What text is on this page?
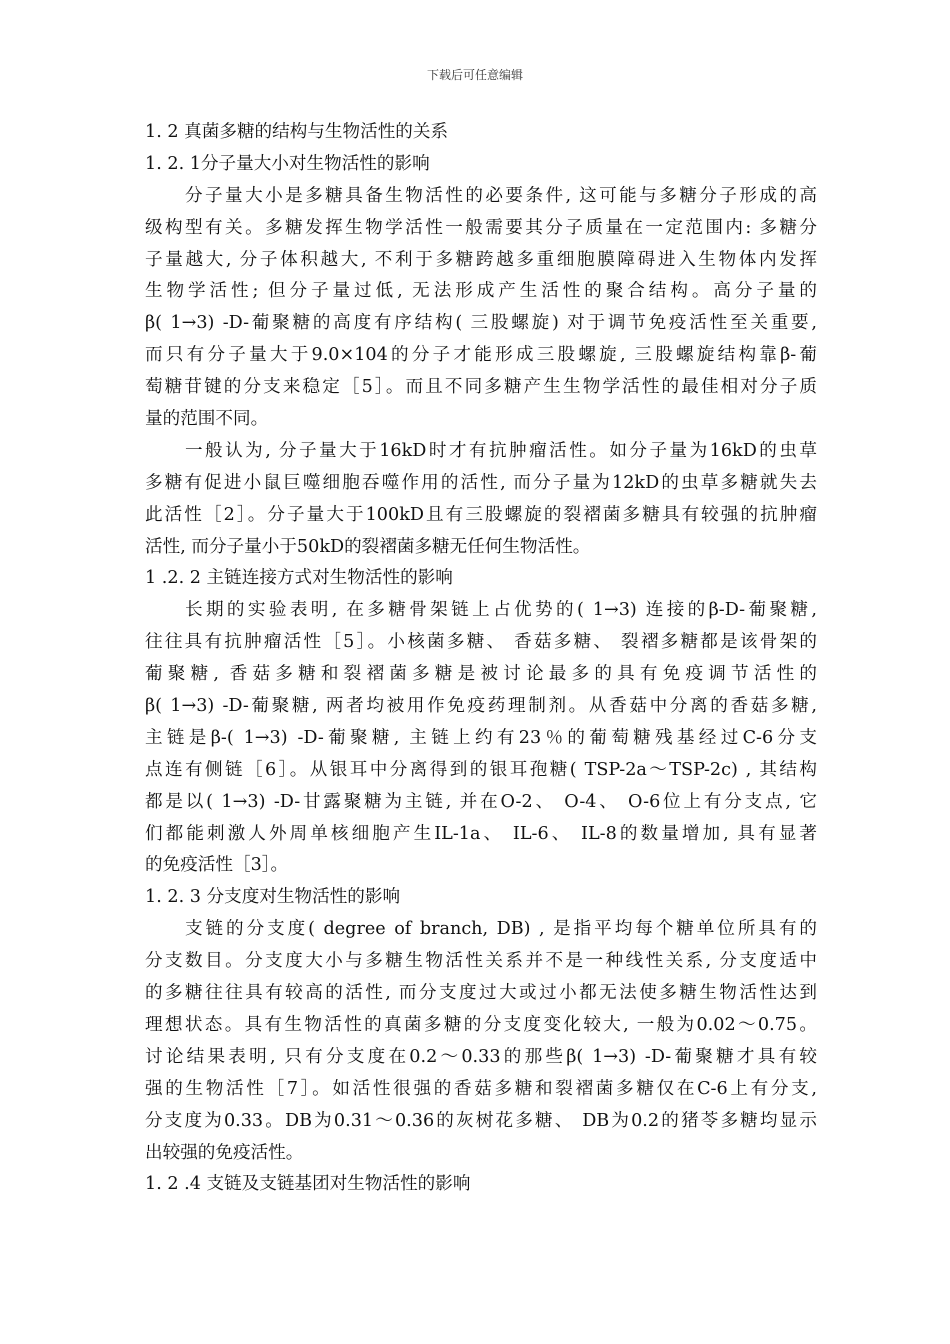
下载后可任意编辑
1. 2 真菌多糖的结构与生物活性的关系
1. 2. 1分子量大小对生物活性的影响
分子量大小是多糖具备生物活性的必要条件, 这可能与多糖分子形成的高
级构型有关。多糖发挥生物学活性一般需要其分子质量在一定范围内: 多糖分
子量越大, 分子体积越大, 不利于多糖跨越多重细胞膜障碍进入生物体内发挥
生物学活性; 但分子量过低, 无法形成产生活性的聚合结构。高分子量的
β( 1→3) -D-葡聚糖的高度有序结构( 三股螺旋) 对于调节免疫活性至关重要,
而只有分子量大于9.0×104的分子才能形成三股螺旋, 三股螺旋结构靠β-葡
萄糖苷键的分支来稳定［5］。而且不同多糖产生生物学活性的最佳相对分子质
量的范围不同。
一般认为, 分子量大于16kD时才有抗肿瘤活性。如分子量为16kD的虫草
多糖有促进小鼠巨噬细胞吞噬作用的活性, 而分子量为12kD的虫草多糖就失去
此活性［2］。分子量大于100kD且有三股螺旋的裂褶菌多糖具有较强的抗肿瘤
活性, 而分子量小于50kD的裂褶菌多糖无任何生物活性。
1 .2. 2 主链连接方式对生物活性的影响
长期的实验表明, 在多糖骨架链上占优势的( 1→3) 连接的β-D-葡聚糖,
往往具有抗肿瘤活性［5］。小核菌多糖、 香菇多糖、 裂褶多糖都是该骨架的
葡聚糖, 香菇多糖和裂褶菌多糖是被讨论最多的具有免疫调节活性的
β( 1→3) -D-葡聚糖, 两者均被用作免疫药理制剂。从香菇中分离的香菇多糖,
主链是β-( 1→3) -D-葡聚糖, 主链上约有23％的葡萄糖残基经过C-6分支
点连有侧链［6］。从银耳中分离得到的银耳孢糖( TSP-2a～TSP-2c) , 其结构
都是以( 1→3) -D-甘露聚糖为主链, 并在O-2、 O-4、 O-6位上有分支点, 它
们都能刺激人外周单核细胞产生IL-1a、 IL-6、 IL-8的数量增加, 具有显著
的免疫活性［3］。
1. 2. 3 分支度对生物活性的影响
支链的分支度( degree of branch, DB) , 是指平均每个糖单位所具有的
分支数目。分支度大小与多糖生物活性关系并不是一种线性关系, 分支度适中
的多糖往往具有较高的活性, 而分支度过大或过小都无法使多糖生物活性达到
理想状态。具有生物活性的真菌多糖的分支度变化较大, 一般为0.02～0.75。
讨论结果表明, 只有分支度在0.2～0.33的那些β( 1→3) -D-葡聚糖才具有较
强的生物活性［7］。如活性很强的香菇多糖和裂褶菌多糖仅在C-6上有分支,
分支度为0.33。DB为0.31～0.36的灰树花多糖、 DB为0.2的猪苓多糖均显示
出较强的免疫活性。
1. 2 .4 支链及支链基团对生物活性的影响
